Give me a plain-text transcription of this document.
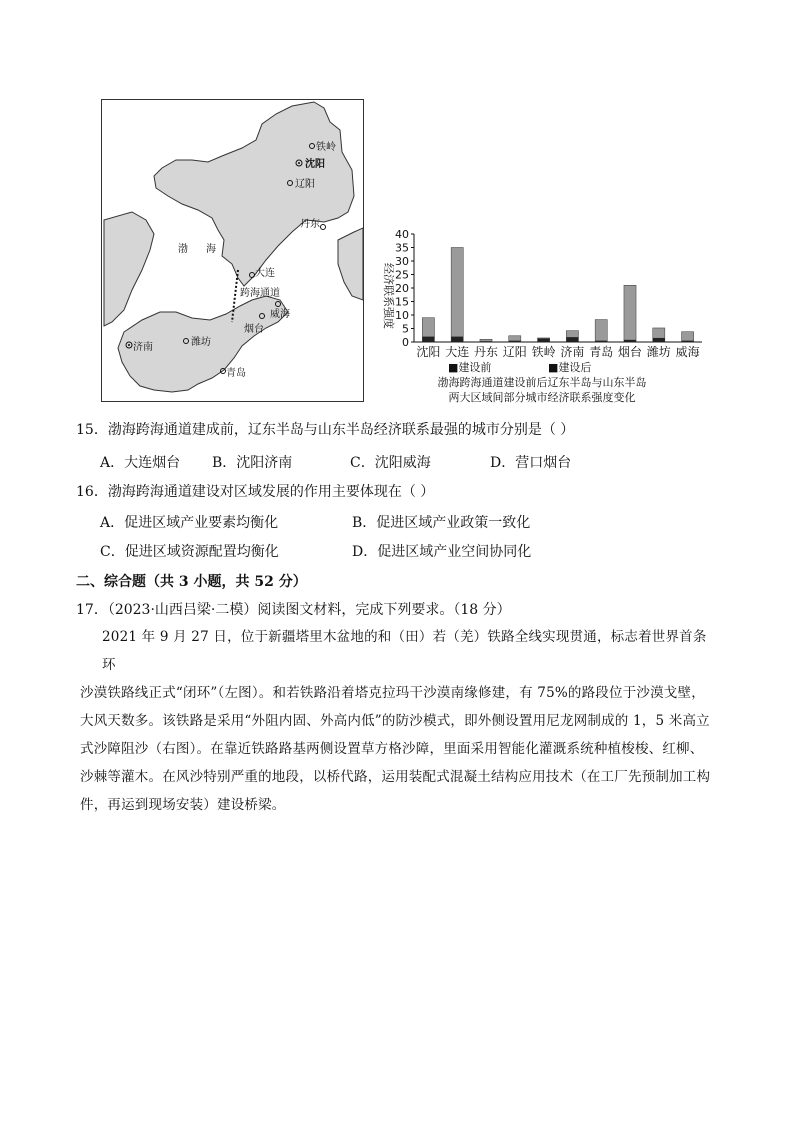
渤 海
铁岭
沈阳
辽阳
丹东
大连
跨海通道
威海
烟台
济南	潍坊
青岛
0
5
10
15
20
25
30
35
40
沈阳 大连 丹东 辽阳 铁岭 济南 青岛 烟台 潍坊 威海
经济联系强度
■建设前	■建设后
渤海跨海通道建设前后辽东半岛与山东半岛
两大区域间部分城市经济联系强度变化
15．渤海跨海通道建成前，辽东半岛与山东半岛经济联系最强的城市分别是（ ）
A．大连烟台 B．沈阳济南	C．沈阳威海	D．营口烟台
16．渤海跨海通道建设对区域发展的作用主要体现在（ ）
A．促进区域产业要素均衡化	B．促进区域产业政策一致化
C．促进区域资源配置均衡化	D．促进区域产业空间协同化
二、综合题（共 3 小题，共 52 分）
17．（2023·山西吕梁·二模）阅读图文材料，完成下列要求。（18 分）
2021 年 9 月 27 日，位于新疆塔里木盆地的和（田）若（羌）铁路全线实现贯通，标志着世界首条环
沙漠铁路线正式“闭环”（左图）。和若铁路沿着塔克拉玛干沙漠南缘修建，有 75%的路段位于沙漠戈壁，
大风天数多。该铁路是采用“外阻内固、外高内低”的防沙模式，即外侧设置用尼龙网制成的 1，5 米高立
式沙障阻沙（右图）。在靠近铁路路基两侧设置草方格沙障，里面采用智能化灌溉系统种植梭梭、红柳、
沙棘等灌木。在风沙特别严重的地段，以桥代路，运用装配式混凝土结构应用技术（在工厂先预制加工构
件，再运到现场安装）建设桥梁。
